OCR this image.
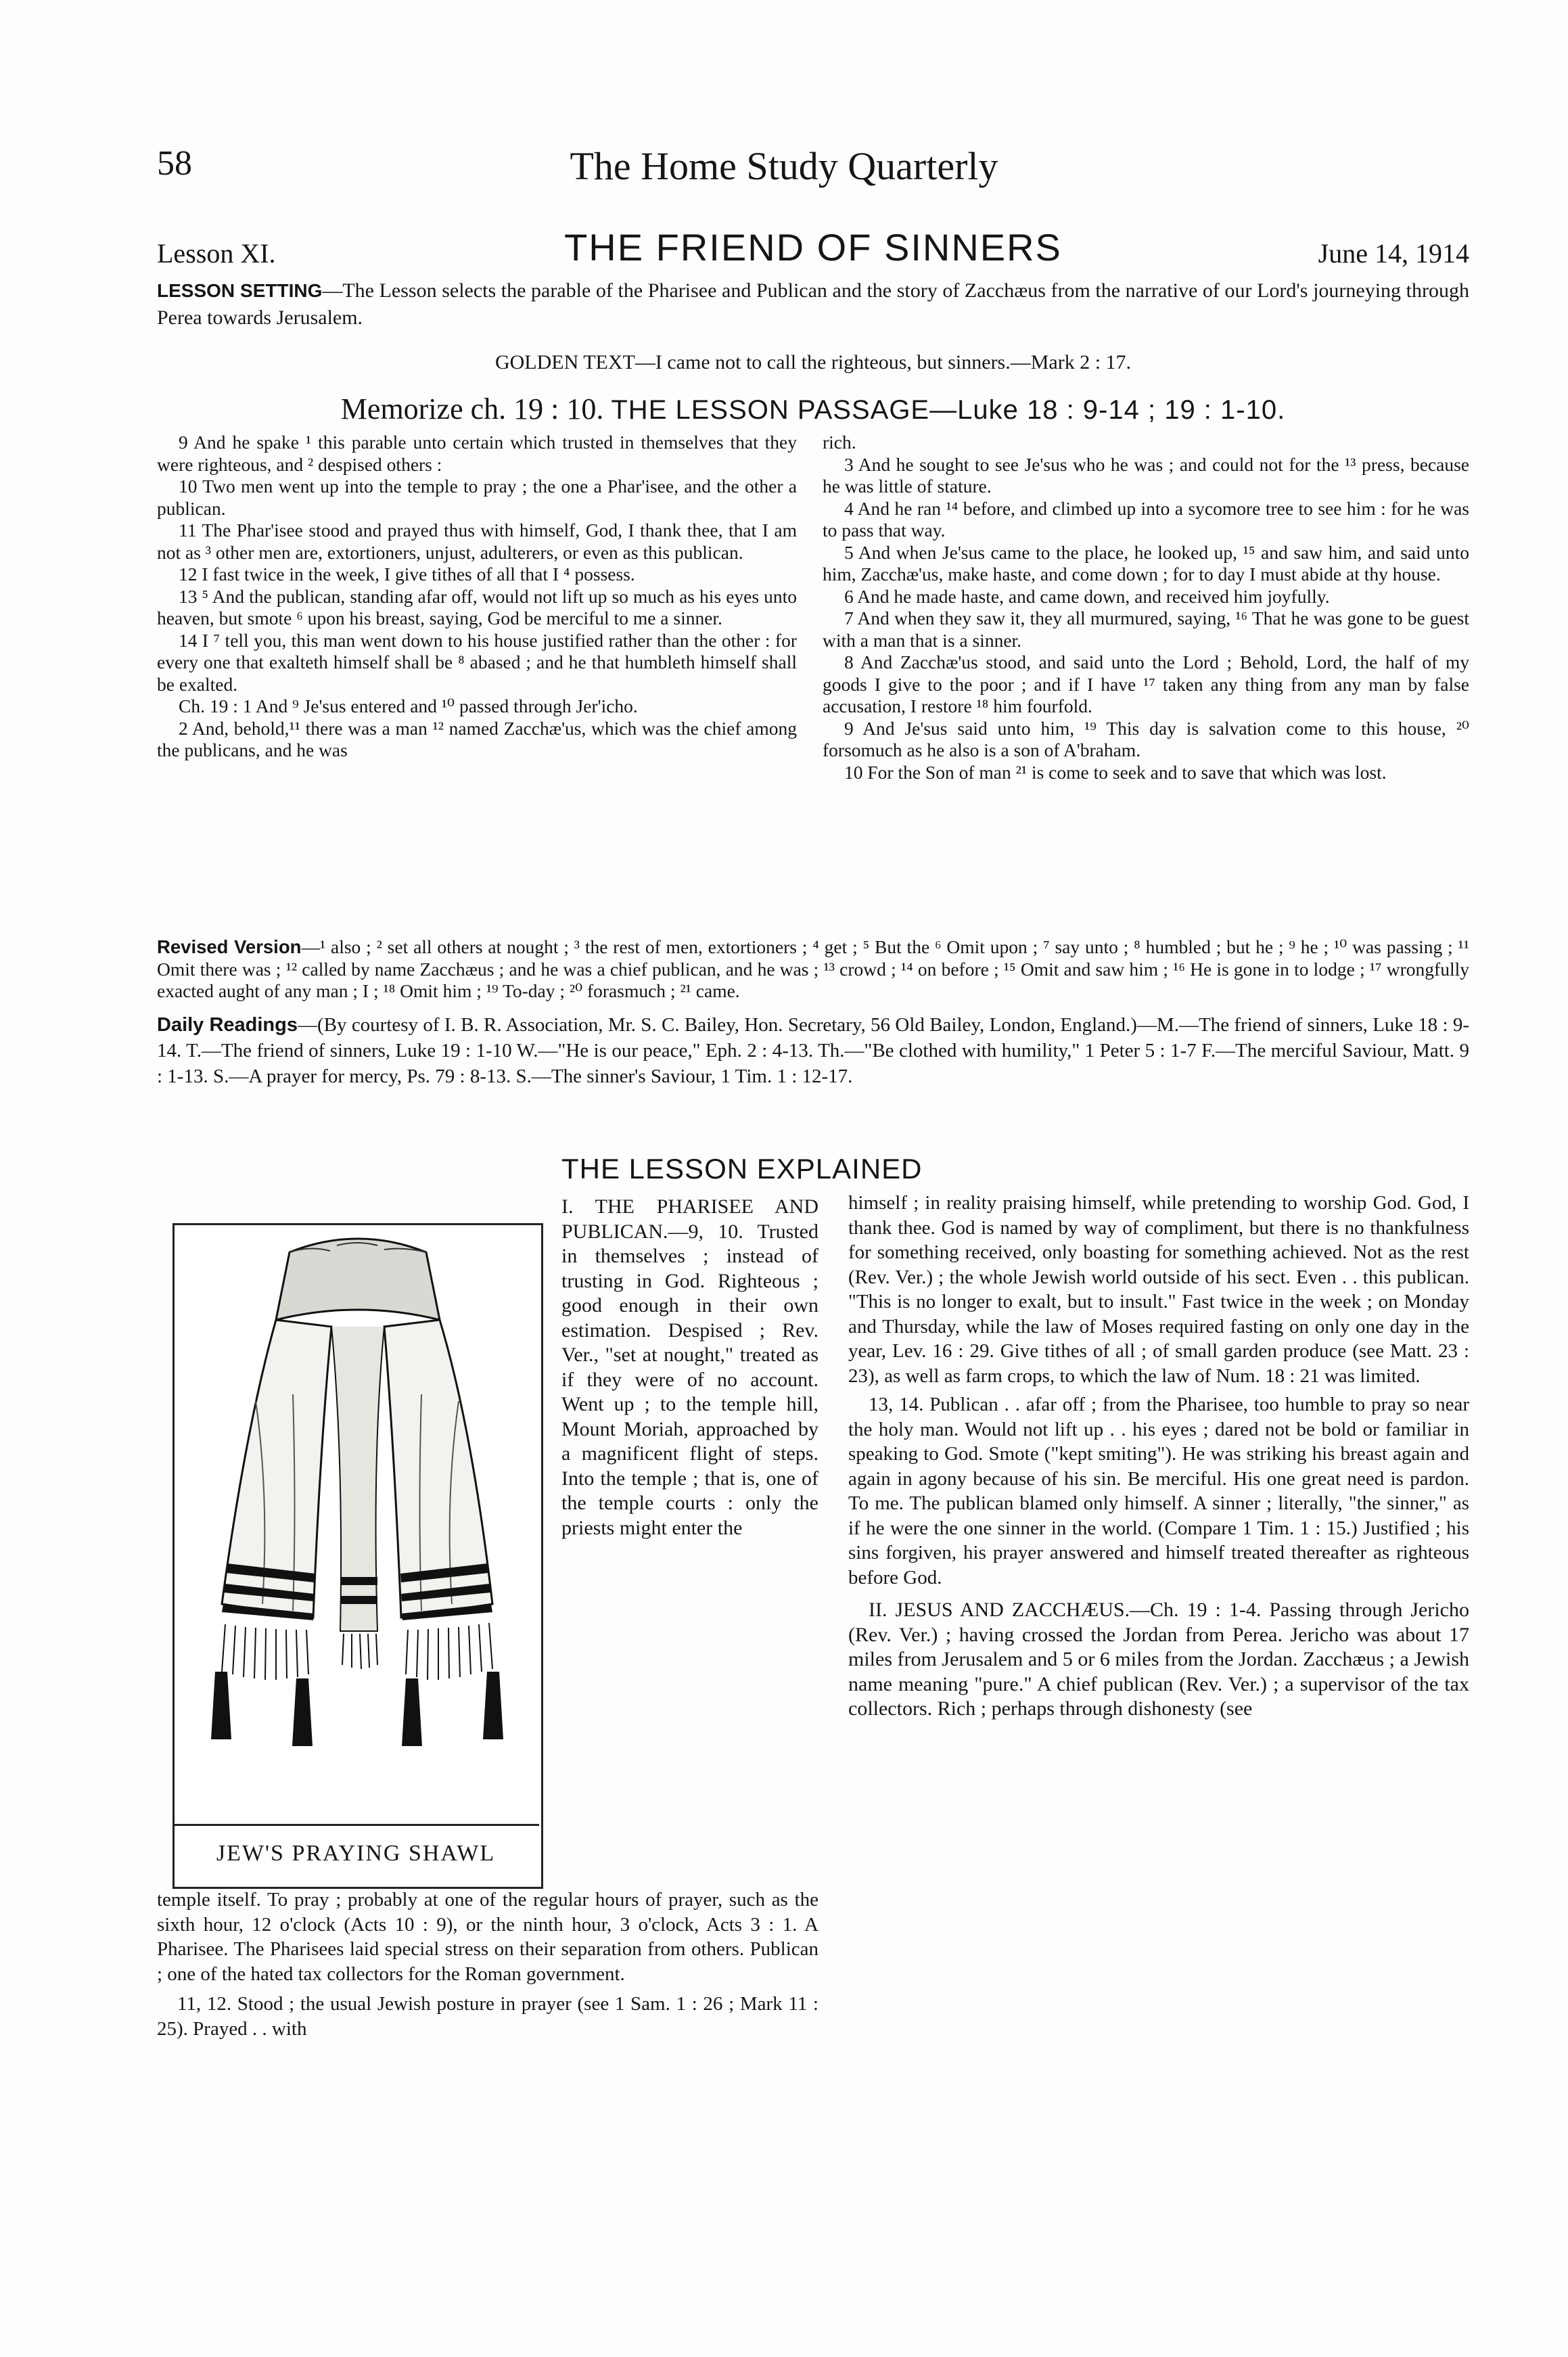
58	The Home Study Quarterly
Lesson XI.	THE FRIEND OF SINNERS	June 14, 1914
LESSON SETTING—The Lesson selects the parable of the Pharisee and Publican and the story of Zacchæus from the narrative of our Lord's journeying through Perea towards Jerusalem.
GOLDEN TEXT—I came not to call the righteous, but sinners.—Mark 2 : 17.
Memorize ch. 19 : 10. THE LESSON PASSAGE—Luke 18 : 9-14 ; 19 : 1-10.

9 And he spake ¹ this parable unto certain which trusted in themselves that they were righteous, and ² despised others :

10 Two men went up into the temple to pray ; the one a Phar'isee, and the other a publican.

11 The Phar'isee stood and prayed thus with himself, God, I thank thee, that I am not as ³ other men are, extortioners, unjust, adulterers, or even as this publican.

12 I fast twice in the week, I give tithes of all that I ⁴ possess.

13 ⁵ And the publican, standing afar off, would not lift up so much as his eyes unto heaven, but smote ⁶ upon his breast, saying, God be merciful to me a sinner.

14 I ⁷ tell you, this man went down to his house justified rather than the other : for every one that exalteth himself shall be ⁸ abased ; and he that humbleth himself shall be exalted.

Ch. 19 : 1 And ⁹ Je'sus entered and ¹⁰ passed through Jer'icho.

2 And, behold,¹¹ there was a man ¹² named Zacchæ'us, which was the chief among the publicans, and he was

rich.

3 And he sought to see Je'sus who he was ; and could not for the ¹³ press, because he was little of stature.

4 And he ran ¹⁴ before, and climbed up into a sycomore tree to see him : for he was to pass that way.

5 And when Je'sus came to the place, he looked up, ¹⁵ and saw him, and said unto him, Zacchæ'us, make haste, and come down ; for to day I must abide at thy house.

6 And he made haste, and came down, and received him joyfully.

7 And when they saw it, they all murmured, saying, ¹⁶ That he was gone to be guest with a man that is a sinner.

8 And Zacchæ'us stood, and said unto the Lord ; Behold, Lord, the half of my goods I give to the poor ; and if I have ¹⁷ taken any thing from any man by false accusation, I restore ¹⁸ him fourfold.

9 And Je'sus said unto him, ¹⁹ This day is salvation come to this house, ²⁰ forsomuch as he also is a son of A'braham.

10 For the Son of man ²¹ is come to seek and to save that which was lost.

Revised Version—¹ also ; ² set all others at nought ; ³ the rest of men, extortioners ; ⁴ get ; ⁵ But the ⁶ Omit upon ; ⁷ say unto ; ⁸ humbled ; but he ; ⁹ he ; ¹⁰ was passing ; ¹¹ Omit there was ; ¹² called by name Zacchæus ; and he was a chief publican, and he was ; ¹³ crowd ; ¹⁴ on before ; ¹⁵ Omit and saw him ; ¹⁶ He is gone in to lodge ; ¹⁷ wrongfully exacted aught of any man ; I ; ¹⁸ Omit him ; ¹⁹ To-day ; ²⁰ forasmuch ; ²¹ came.
Daily Readings—(By courtesy of I. B. R. Association, Mr. S. C. Bailey, Hon. Secretary, 56 Old Bailey, London, England.)—M.—The friend of sinners, Luke 18 : 9-14. T.—The friend of sinners, Luke 19 : 1-10 W.—"He is our peace," Eph. 2 : 4-13. Th.—"Be clothed with humility," 1 Peter 5 : 1-7 F.—The merciful Saviour, Matt. 9 : 1-13. S.—A prayer for mercy, Ps. 79 : 8-13. S.—The sinner's Saviour, 1 Tim. 1 : 12-17.
THE LESSON EXPLAINED
JEW'S PRAYING SHAWL

I. THE PHARISEE AND PUBLICAN.—9, 10. Trusted in themselves ; instead of trusting in God. Righteous ; good enough in their own estimation. Despised ; Rev. Ver., "set at nought," treated as if they were of no account. Went up ; to the temple hill, Mount Moriah, approached by a magnificent flight of steps. Into the temple ; that is, one of the temple courts : only the priests might enter the

temple itself. To pray ; probably at one of the regular hours of prayer, such as the sixth hour, 12 o'clock (Acts 10 : 9), or the ninth hour, 3 o'clock, Acts 3 : 1. A Pharisee. The Pharisees laid special stress on their separation from others. Publican ; one of the hated tax collectors for the Roman government.

11, 12. Stood ; the usual Jewish posture in prayer (see 1 Sam. 1 : 26 ; Mark 11 : 25). Prayed . . with

himself ; in reality praising himself, while pretending to worship God. God, I thank thee. God is named by way of compliment, but there is no thankfulness for something received, only boasting for something achieved. Not as the rest (Rev. Ver.) ; the whole Jewish world outside of his sect. Even . . this publican. "This is no longer to exalt, but to insult." Fast twice in the week ; on Monday and Thursday, while the law of Moses required fasting on only one day in the year, Lev. 16 : 29. Give tithes of all ; of small garden produce (see Matt. 23 : 23), as well as farm crops, to which the law of Num. 18 : 21 was limited.

13, 14. Publican . . afar off ; from the Pharisee, too humble to pray so near the holy man. Would not lift up . . his eyes ; dared not be bold or familiar in speaking to God. Smote ("kept smiting"). He was striking his breast again and again in agony because of his sin. Be merciful. His one great need is pardon. To me. The publican blamed only himself. A sinner ; literally, "the sinner," as if he were the one sinner in the world. (Compare 1 Tim. 1 : 15.) Justified ; his sins forgiven, his prayer answered and himself treated thereafter as righteous before God.

II. JESUS AND ZACCHÆUS.—Ch. 19 : 1-4. Passing through Jericho (Rev. Ver.) ; having crossed the Jordan from Perea. Jericho was about 17 miles from Jerusalem and 5 or 6 miles from the Jordan. Zacchæus ; a Jewish name meaning "pure." A chief publican (Rev. Ver.) ; a supervisor of the tax collectors. Rich ; perhaps through dishonesty (see
